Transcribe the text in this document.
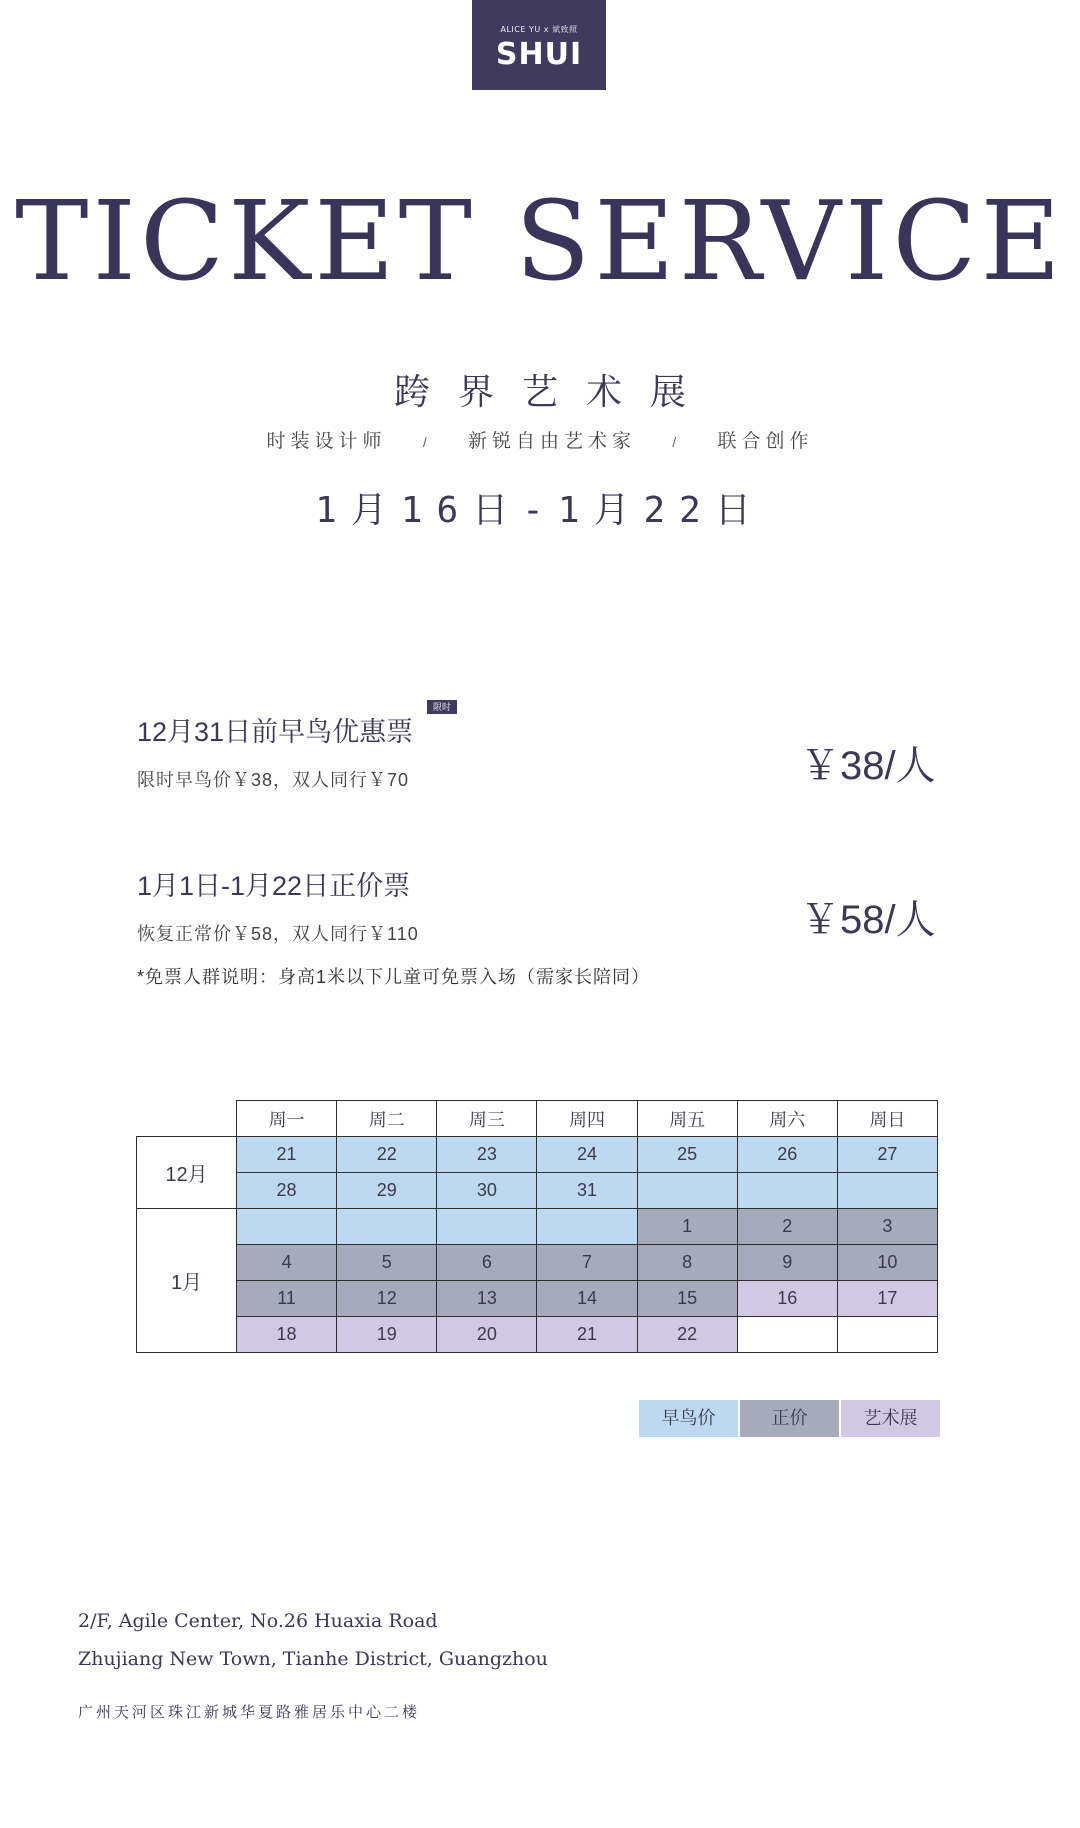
ALICE YU x 斌致照
SHUI
TICKET SERVICE
跨界艺术展
时装设计师	/ 新锐自由艺术家	/ 联合创作
1月16日-1月22日
12月31日前早鸟优惠票
限时
限时早鸟价￥38，双人同行￥70	￥38/人
1月1日-1月22日正价票
恢复正常价￥58，双人同行￥110	￥58/人
*免票人群说明：身高1米以下儿童可免票入场（需家长陪同）
	周一	周二	周三	周四	周五	周六	周日
12月	21	22	23	24	25	26	27
	28	29	30	31			
1月					1	2	3
	4	5	6	7	8	9	10
	11	12	13	14	15	16	17
	18	19	20	21	22		
早鸟价	正价	艺术展
2/F, Agile Center, No.26 Huaxia Road
Zhujiang New Town, Tianhe District, Guangzhou
广州天河区珠江新城华夏路雅居乐中心二楼
